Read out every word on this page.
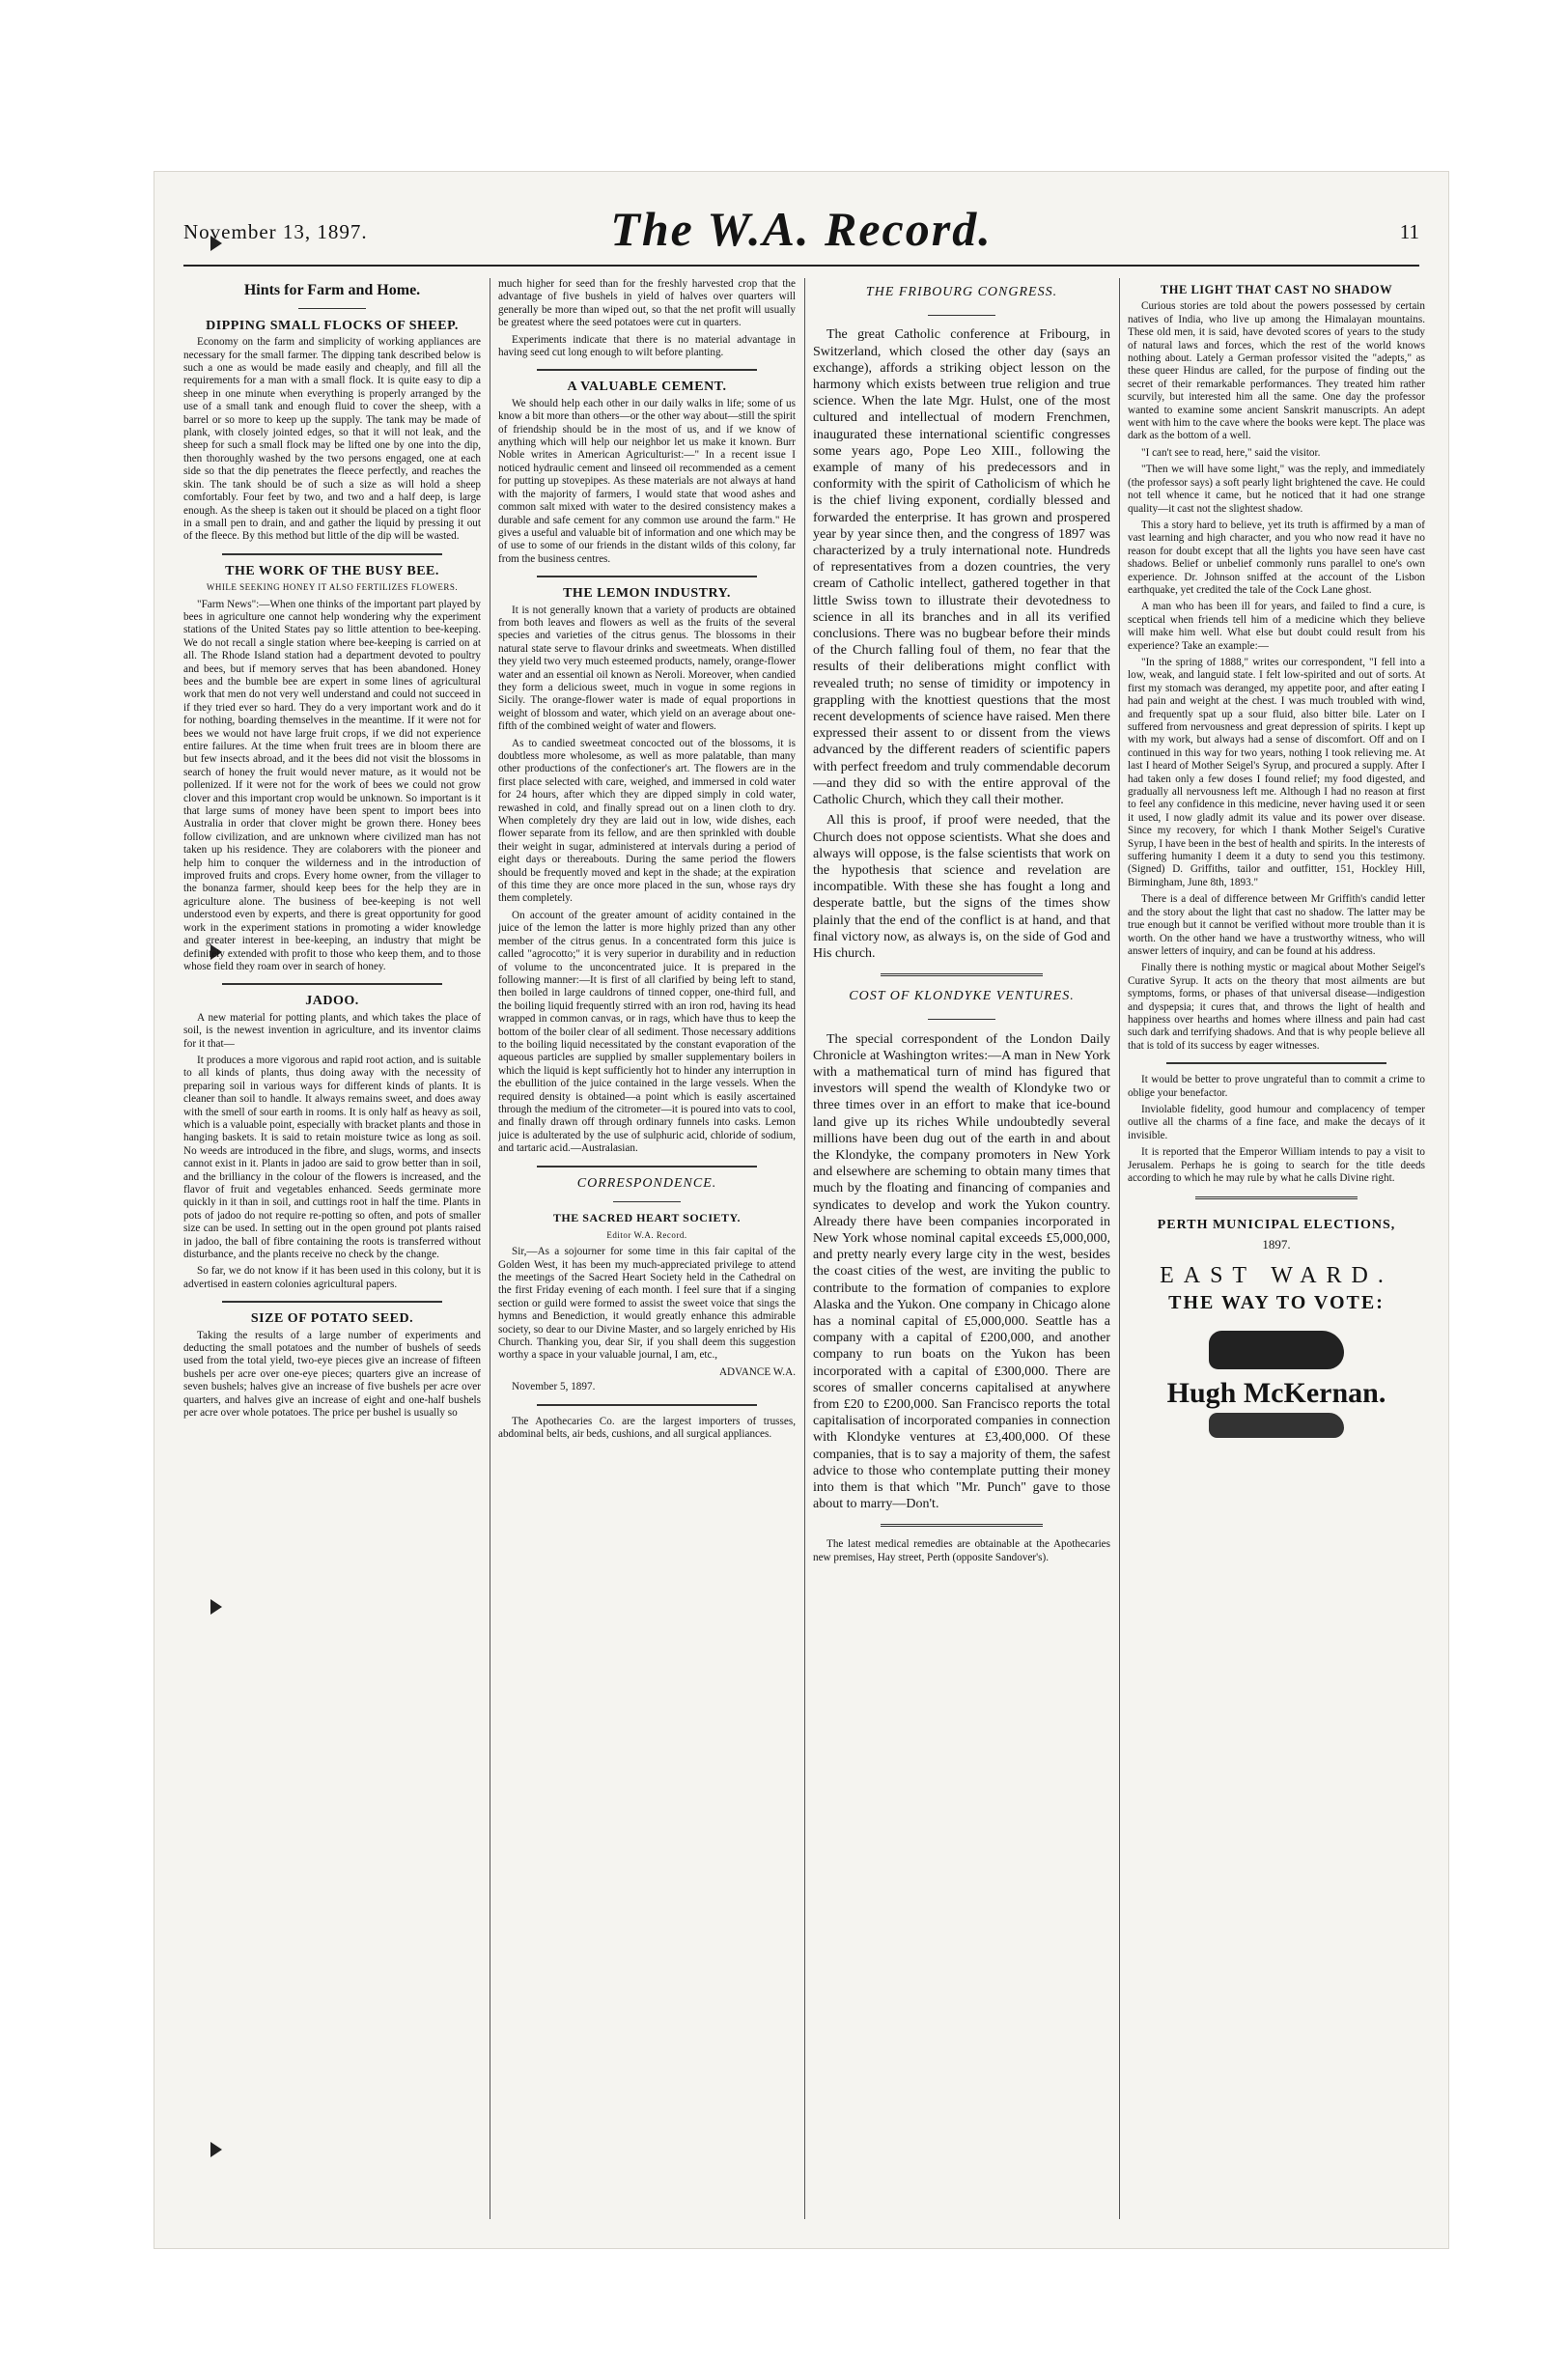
November 13, 1897.	The W.A. Record.	11
Hints for Farm and Home.
DIPPING SMALL FLOCKS OF SHEEP.

Economy on the farm and simplicity of working appliances are necessary for the small farmer. The dipping tank described below is such a one as would be made easily and cheaply, and fill all the requirements for a man with a small flock. It is quite easy to dip a sheep in one minute when everything is properly arranged by the use of a small tank and enough fluid to cover the sheep, with a barrel or so more to keep up the supply. The tank may be made of plank, with closely jointed edges, so that it will not leak, and the sheep for such a small flock may be lifted one by one into the dip, then thoroughly washed by the two persons engaged, one at each side so that the dip penetrates the fleece perfectly, and reaches the skin. The tank should be of such a size as will hold a sheep comfortably. Four feet by two, and two and a half deep, is large enough. As the sheep is taken out it should be placed on a tight floor in a small pen to drain, and and gather the liquid by pressing it out of the fleece. By this method but little of the dip will be wasted.

THE WORK OF THE BUSY BEE.
WHILE SEEKING HONEY IT ALSO FERTILIZES FLOWERS.

"Farm News":—When one thinks of the important part played by bees in agriculture one cannot help wondering why the experiment stations of the United States pay so little attention to bee-keeping. We do not recall a single station where bee-keeping is carried on at all. The Rhode Island station had a department devoted to poultry and bees, but if memory serves that has been abandoned. Honey bees and the bumble bee are expert in some lines of agricultural work that men do not very well understand and could not succeed in if they tried ever so hard. They do a very important work and do it for nothing, boarding themselves in the meantime. If it were not for bees we would not have large fruit crops, if we did not experience entire failures. At the time when fruit trees are in bloom there are but few insects abroad, and it the bees did not visit the blossoms in search of honey the fruit would never mature, as it would not be pollenized. If it were not for the work of bees we could not grow clover and this important crop would be unknown. So important is it that large sums of money have been spent to import bees into Australia in order that clover might be grown there. Honey bees follow civilization, and are unknown where civilized man has not taken up his residence. They are colaborers with the pioneer and help him to conquer the wilderness and in the introduction of improved fruits and crops. Every home owner, from the villager to the bonanza farmer, should keep bees for the help they are in agriculture alone. The business of bee-keeping is not well understood even by experts, and there is great opportunity for good work in the experiment stations in promoting a wider knowledge and greater interest in bee-keeping, an industry that might be definitely extended with profit to those who keep them, and to those whose field they roam over in search of honey.

JADOO.

A new material for potting plants, and which takes the place of soil, is the newest invention in agriculture, and its inventor claims for it that—

It produces a more vigorous and rapid root action, and is suitable to all kinds of plants, thus doing away with the necessity of preparing soil in various ways for different kinds of plants. It is cleaner than soil to handle. It always remains sweet, and does away with the smell of sour earth in rooms. It is only half as heavy as soil, which is a valuable point, especially with bracket plants and those in hanging baskets. It is said to retain moisture twice as long as soil. No weeds are introduced in the fibre, and slugs, worms, and insects cannot exist in it. Plants in jadoo are said to grow better than in soil, and the brilliancy in the colour of the flowers is increased, and the flavor of fruit and vegetables enhanced. Seeds germinate more quickly in it than in soil, and cuttings root in half the time. Plants in pots of jadoo do not require re-potting so often, and pots of smaller size can be used. In setting out in the open ground pot plants raised in jadoo, the ball of fibre containing the roots is transferred without disturbance, and the plants receive no check by the change.

So far, we do not know if it has been used in this colony, but it is advertised in eastern colonies agricultural papers.

SIZE OF POTATO SEED.

Taking the results of a large number of experiments and deducting the small potatoes and the number of bushels of seeds used from the total yield, two-eye pieces give an increase of fifteen bushels per acre over one-eye pieces; quarters give an increase of seven bushels; halves give an increase of five bushels per acre over quarters, and halves give an increase of eight and one-half bushels per acre over whole potatoes. The price per bushel is usually so

much higher for seed than for the freshly harvested crop that the advantage of five bushels in yield of halves over quarters will generally be more than wiped out, so that the net profit will usually be greatest where the seed potatoes were cut in quarters.

Experiments indicate that there is no material advantage in having seed cut long enough to wilt before planting.

A VALUABLE CEMENT.

We should help each other in our daily walks in life; some of us know a bit more than others—or the other way about—still the spirit of friendship should be in the most of us, and if we know of anything which will help our neighbor let us make it known. Burr Noble writes in American Agriculturist:—" In a recent issue I noticed hydraulic cement and linseed oil recommended as a cement for putting up stovepipes. As these materials are not always at hand with the majority of farmers, I would state that wood ashes and common salt mixed with water to the desired consistency makes a durable and safe cement for any common use around the farm." He gives a useful and valuable bit of information and one which may be of use to some of our friends in the distant wilds of this colony, far from the business centres.

THE LEMON INDUSTRY.

It is not generally known that a variety of products are obtained from both leaves and flowers as well as the fruits of the several species and varieties of the citrus genus. The blossoms in their natural state serve to flavour drinks and sweetmeats. When distilled they yield two very much esteemed products, namely, orange-flower water and an essential oil known as Neroli. Moreover, when candied they form a delicious sweet, much in vogue in some regions in Sicily. The orange-flower water is made of equal proportions in weight of blossom and water, which yield on an average about one-fifth of the combined weight of water and flowers.

As to candied sweetmeat concocted out of the blossoms, it is doubtless more wholesome, as well as more palatable, than many other productions of the confectioner's art. The flowers are in the first place selected with care, weighed, and immersed in cold water for 24 hours, after which they are dipped simply in cold water, rewashed in cold, and finally spread out on a linen cloth to dry. When completely dry they are laid out in low, wide dishes, each flower separate from its fellow, and are then sprinkled with double their weight in sugar, administered at intervals during a period of eight days or thereabouts. During the same period the flowers should be frequently moved and kept in the shade; at the expiration of this time they are once more placed in the sun, whose rays dry them completely.

On account of the greater amount of acidity contained in the juice of the lemon the latter is more highly prized than any other member of the citrus genus. In a concentrated form this juice is called "agrocotto;" it is very superior in durability and in reduction of volume to the unconcentrated juice. It is prepared in the following manner:—It is first of all clarified by being left to stand, then boiled in large cauldrons of tinned copper, one-third full, and the boiling liquid frequently stirred with an iron rod, having its head wrapped in common canvas, or in rags, which have thus to keep the bottom of the boiler clear of all sediment. Those necessary additions to the boiling liquid necessitated by the constant evaporation of the aqueous particles are supplied by smaller supplementary boilers in which the liquid is kept sufficiently hot to hinder any interruption in the ebullition of the juice contained in the large vessels. When the required density is obtained—a point which is easily ascertained through the medium of the citrometer—it is poured into vats to cool, and finally drawn off through ordinary funnels into casks. Lemon juice is adulterated by the use of sulphuric acid, chloride of sodium, and tartaric acid.—Australasian.

CORRESPONDENCE.
THE SACRED HEART SOCIETY.
Editor W.A. Record.

Sir,—As a sojourner for some time in this fair capital of the Golden West, it has been my much-appreciated privilege to attend the meetings of the Sacred Heart Society held in the Cathedral on the first Friday evening of each month. I feel sure that if a singing section or guild were formed to assist the sweet voice that sings the hymns and Benediction, it would greatly enhance this admirable society, so dear to our Divine Master, and so largely enriched by His Church. Thanking you, dear Sir, if you shall deem this suggestion worthy a space in your valuable journal, I am, etc.,

ADVANCE W.A.

November 5, 1897.

The Apothecaries Co. are the largest importers of trusses, abdominal belts, air beds, cushions, and all surgical appliances.

THE FRIBOURG CONGRESS.

The great Catholic conference at Fribourg, in Switzerland, which closed the other day (says an exchange), affords a striking object lesson on the harmony which exists between true religion and true science. When the late Mgr. Hulst, one of the most cultured and intellectual of modern Frenchmen, inaugurated these international scientific congresses some years ago, Pope Leo XIII., following the example of many of his predecessors and in conformity with the spirit of Catholicism of which he is the chief living exponent, cordially blessed and forwarded the enterprise. It has grown and prospered year by year since then, and the congress of 1897 was characterized by a truly international note. Hundreds of representatives from a dozen countries, the very cream of Catholic intellect, gathered together in that little Swiss town to illustrate their devotedness to science in all its branches and in all its verified conclusions. There was no bugbear before their minds of the Church falling foul of them, no fear that the results of their deliberations might conflict with revealed truth; no sense of timidity or impotency in grappling with the knottiest questions that the most recent developments of science have raised. Men there expressed their assent to or dissent from the views advanced by the different readers of scientific papers with perfect freedom and truly commendable decorum—and they did so with the entire approval of the Catholic Church, which they call their mother.

All this is proof, if proof were needed, that the Church does not oppose scientists. What she does and always will oppose, is the false scientists that work on the hypothesis that science and revelation are incompatible. With these she has fought a long and desperate battle, but the signs of the times show plainly that the end of the conflict is at hand, and that final victory now, as always is, on the side of God and His church.

COST OF KLONDYKE VENTURES.

The special correspondent of the London Daily Chronicle at Washington writes:—A man in New York with a mathematical turn of mind has figured that investors will spend the wealth of Klondyke two or three times over in an effort to make that ice-bound land give up its riches While undoubtedly several millions have been dug out of the earth in and about the Klondyke, the company promoters in New York and elsewhere are scheming to obtain many times that much by the floating and financing of companies and syndicates to develop and work the Yukon country. Already there have been companies incorporated in New York whose nominal capital exceeds £5,000,000, and pretty nearly every large city in the west, besides the coast cities of the west, are inviting the public to contribute to the formation of companies to explore Alaska and the Yukon. One company in Chicago alone has a nominal capital of £5,000,000. Seattle has a company with a capital of £200,000, and another company to run boats on the Yukon has been incorporated with a capital of £300,000. There are scores of smaller concerns capitalised at anywhere from £20 to £200,000. San Francisco reports the total capitalisation of incorporated companies in connection with Klondyke ventures at £3,400,000. Of these companies, that is to say a majority of them, the safest advice to those who contemplate putting their money into them is that which "Mr. Punch" gave to those about to marry—Don't.

The latest medical remedies are obtainable at the Apothecaries new premises, Hay street, Perth (opposite Sandover's).

THE LIGHT THAT CAST NO SHADOW

Curious stories are told about the powers possessed by certain natives of India, who live up among the Himalayan mountains. These old men, it is said, have devoted scores of years to the study of natural laws and forces, which the rest of the world knows nothing about. Lately a German professor visited the "adepts," as these queer Hindus are called, for the purpose of finding out the secret of their remarkable performances. They treated him rather scurvily, but interested him all the same. One day the professor wanted to examine some ancient Sanskrit manuscripts. An adept went with him to the cave where the books were kept. The place was dark as the bottom of a well.

"I can't see to read, here," said the visitor.

"Then we will have some light," was the reply, and immediately (the professor says) a soft pearly light brightened the cave. He could not tell whence it came, but he noticed that it had one strange quality—it cast not the slightest shadow.

This a story hard to believe, yet its truth is affirmed by a man of vast learning and high character, and you who now read it have no reason for doubt except that all the lights you have seen have cast shadows. Belief or unbelief commonly runs parallel to one's own experience. Dr. Johnson sniffed at the account of the Lisbon earthquake, yet credited the tale of the Cock Lane ghost.

A man who has been ill for years, and failed to find a cure, is sceptical when friends tell him of a medicine which they believe will make him well. What else but doubt could result from his experience? Take an example:—

"In the spring of 1888," writes our correspondent, "I fell into a low, weak, and languid state. I felt low-spirited and out of sorts. At first my stomach was deranged, my appetite poor, and after eating I had pain and weight at the chest. I was much troubled with wind, and frequently spat up a sour fluid, also bitter bile. Later on I suffered from nervousness and great depression of spirits. I kept up with my work, but always had a sense of discomfort. Off and on I continued in this way for two years, nothing I took relieving me. At last I heard of Mother Seigel's Syrup, and procured a supply. After I had taken only a few doses I found relief; my food digested, and gradually all nervousness left me. Although I had no reason at first to feel any confidence in this medicine, never having used it or seen it used, I now gladly admit its value and its power over disease. Since my recovery, for which I thank Mother Seigel's Curative Syrup, I have been in the best of health and spirits. In the interests of suffering humanity I deem it a duty to send you this testimony. (Signed) D. Griffiths, tailor and outfitter, 151, Hockley Hill, Birmingham, June 8th, 1893."

There is a deal of difference between Mr Griffith's candid letter and the story about the light that cast no shadow. The latter may be true enough but it cannot be verified without more trouble than it is worth. On the other hand we have a trustworthy witness, who will answer letters of inquiry, and can be found at his address.

Finally there is nothing mystic or magical about Mother Seigel's Curative Syrup. It acts on the theory that most ailments are but symptoms, forms, or phases of that universal disease—indigestion and dyspepsia; it cures that, and throws the light of health and happiness over hearths and homes where illness and pain had cast such dark and terrifying shadows. And that is why people believe all that is told of its success by eager witnesses.

It would be better to prove ungrateful than to commit a crime to oblige your benefactor.

Inviolable fidelity, good humour and complacency of temper outlive all the charms of a fine face, and make the decays of it invisible.

It is reported that the Emperor William intends to pay a visit to Jerusalem. Perhaps he is going to search for the title deeds according to which he may rule by what he calls Divine right.

PERTH MUNICIPAL ELECTIONS,
1897.
EAST WARD.
THE WAY TO VOTE:
Hugh McKernan.
